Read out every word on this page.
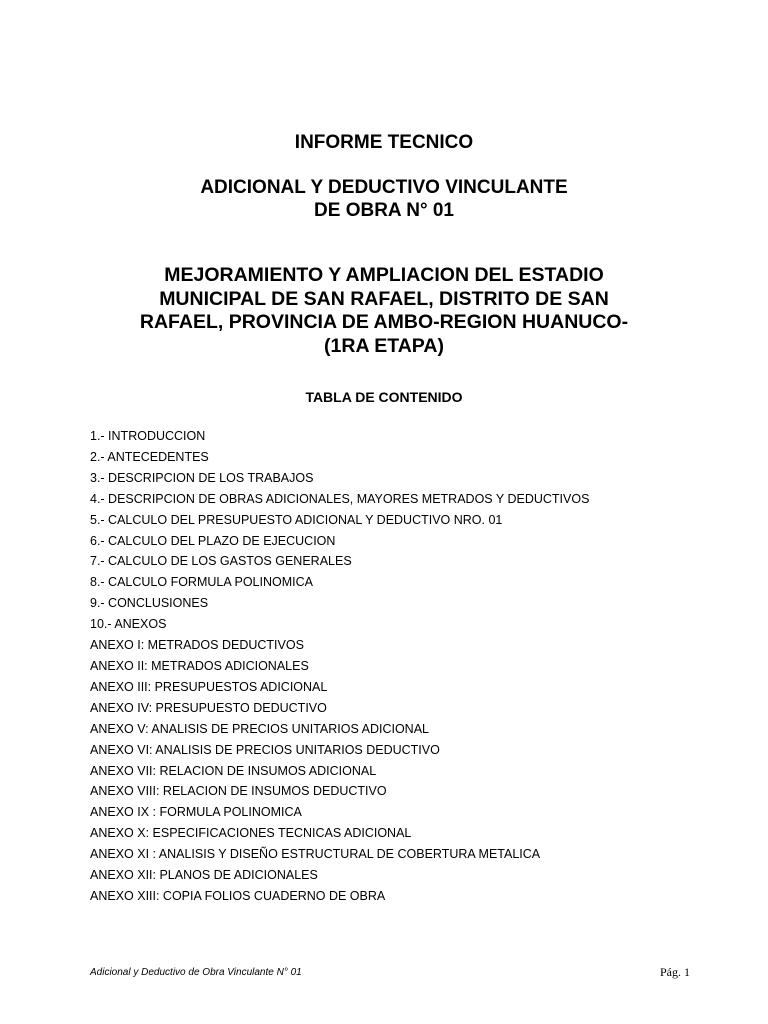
INFORME TECNICO
ADICIONAL Y DEDUCTIVO VINCULANTE
DE OBRA N° 01
MEJORAMIENTO Y AMPLIACION DEL ESTADIO
MUNICIPAL DE SAN RAFAEL, DISTRITO DE SAN
RAFAEL, PROVINCIA DE AMBO-REGION HUANUCO-
(1RA ETAPA)
TABLA DE CONTENIDO
1.- INTRODUCCION
2.- ANTECEDENTES
3.- DESCRIPCION DE LOS TRABAJOS
4.- DESCRIPCION DE OBRAS ADICIONALES, MAYORES METRADOS Y DEDUCTIVOS
5.- CALCULO DEL PRESUPUESTO ADICIONAL Y DEDUCTIVO NRO. 01
6.- CALCULO DEL PLAZO DE EJECUCION
7.- CALCULO DE LOS GASTOS GENERALES
8.- CALCULO FORMULA POLINOMICA
9.- CONCLUSIONES
10.- ANEXOS
ANEXO I: METRADOS DEDUCTIVOS
ANEXO II: METRADOS ADICIONALES
ANEXO III: PRESUPUESTOS ADICIONAL
ANEXO IV: PRESUPUESTO DEDUCTIVO
ANEXO V: ANALISIS DE PRECIOS UNITARIOS ADICIONAL
ANEXO VI: ANALISIS DE PRECIOS UNITARIOS DEDUCTIVO
ANEXO VII: RELACION DE INSUMOS ADICIONAL
ANEXO VIII: RELACION DE INSUMOS DEDUCTIVO
ANEXO IX : FORMULA POLINOMICA
ANEXO X: ESPECIFICACIONES TECNICAS ADICIONAL
ANEXO XI : ANALISIS Y DISEÑO ESTRUCTURAL DE COBERTURA METALICA
ANEXO XII: PLANOS DE ADICIONALES
ANEXO XIII: COPIA FOLIOS CUADERNO DE OBRA
Adicional y Deductivo de Obra Vinculante N° 01	Pág. 1
